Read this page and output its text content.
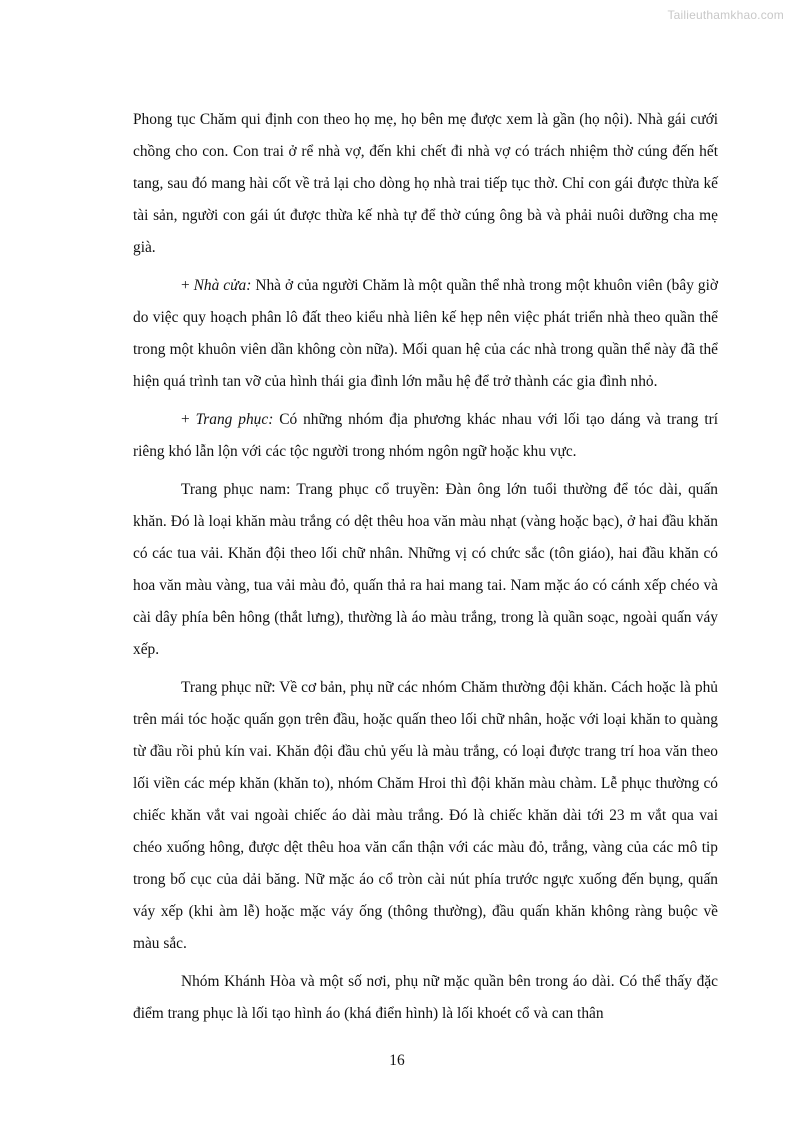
Tailieuthamkhao.com

Phong tục Chăm qui định con theo họ mẹ, họ bên mẹ được xem là gần (họ nội). Nhà gái cưới chồng cho con. Con trai ở rể nhà vợ, đến khi chết đi nhà vợ có trách nhiệm thờ cúng đến hết tang, sau đó mang hài cốt về trả lại cho dòng họ nhà trai tiếp tục thờ. Chỉ con gái được thừa kế tài sản, người con gái út được thừa kế nhà tự để thờ cúng ông bà và phải nuôi dưỡng cha mẹ già.

+ Nhà cửa: Nhà ở của người Chăm là một quần thể nhà trong một khuôn viên (bây giờ do việc quy hoạch phân lô đất theo kiểu nhà liên kế hẹp nên việc phát triển nhà theo quần thể trong một khuôn viên dần không còn nữa). Mối quan hệ của các nhà trong quần thể này đã thể hiện quá trình tan vỡ của hình thái gia đình lớn mẫu hệ để trở thành các gia đình nhỏ.

+ Trang phục: Có những nhóm địa phương khác nhau với lối tạo dáng và trang trí riêng khó lẫn lộn với các tộc người trong nhóm ngôn ngữ hoặc khu vực.

Trang phục nam: Trang phục cổ truyền: Đàn ông lớn tuổi thường để tóc dài, quấn khăn. Đó là loại khăn màu trắng có dệt thêu hoa văn màu nhạt (vàng hoặc bạc), ở hai đầu khăn có các tua vải. Khăn đội theo lối chữ nhân. Những vị có chức sắc (tôn giáo), hai đầu khăn có hoa văn màu vàng, tua vải màu đỏ, quấn thả ra hai mang tai. Nam mặc áo có cánh xếp chéo và cài dây phía bên hông (thắt lưng), thường là áo màu trắng, trong là quần soạc, ngoài quấn váy xếp.

Trang phục nữ: Về cơ bản, phụ nữ các nhóm Chăm thường đội khăn. Cách hoặc là phủ trên mái tóc hoặc quấn gọn trên đầu, hoặc quấn theo lối chữ nhân, hoặc với loại khăn to quàng từ đầu rồi phủ kín vai. Khăn đội đầu chủ yếu là màu trắng, có loại được trang trí hoa văn theo lối viền các mép khăn (khăn to), nhóm Chăm Hroi thì đội khăn màu chàm. Lễ phục thường có chiếc khăn vắt vai ngoài chiếc áo dài màu trắng. Đó là chiếc khăn dài tới 23 m vắt qua vai chéo xuống hông, được dệt thêu hoa văn cẩn thận với các màu đỏ, trắng, vàng của các mô tip trong bố cục của dải băng. Nữ mặc áo cổ tròn cài nút phía trước ngực xuống đến bụng, quấn váy xếp (khi àm lễ) hoặc mặc váy ống (thông thường), đầu quấn khăn không ràng buộc về màu sắc.

Nhóm Khánh Hòa và một số nơi, phụ nữ mặc quần bên trong áo dài. Có thể thấy đặc điểm trang phục là lối tạo hình áo (khá điển hình) là lối khoét cổ và can thân

16
